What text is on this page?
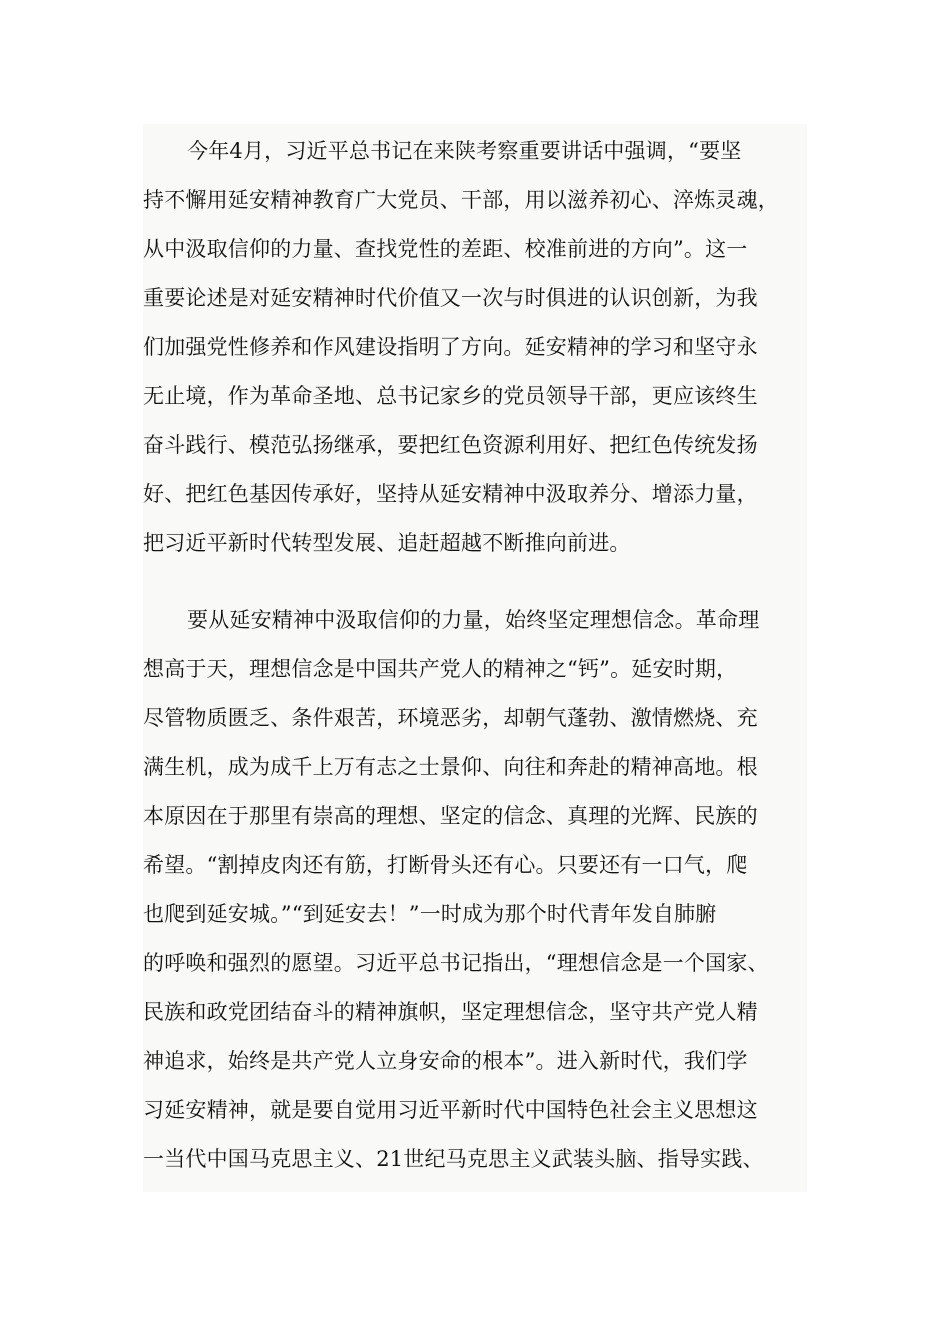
今年4月，习近平总书记在来陕考察重要讲话中强调，“要坚
持不懈用延安精神教育广大党员、干部，用以滋养初心、淬炼灵魂，
从中汲取信仰的力量、查找党性的差距、校准前进的方向”。这一
重要论述是对延安精神时代价值又一次与时俱进的认识创新，为我
们加强党性修养和作风建设指明了方向。延安精神的学习和坚守永
无止境，作为革命圣地、总书记家乡的党员领导干部，更应该终生
奋斗践行、模范弘扬继承，要把红色资源利用好、把红色传统发扬
好、把红色基因传承好，坚持从延安精神中汲取养分、增添力量，
把习近平新时代转型发展、追赶超越不断推向前进。
要从延安精神中汲取信仰的力量，始终坚定理想信念。革命理
想高于天，理想信念是中国共产党人的精神之“钙”。延安时期，
尽管物质匮乏、条件艰苦，环境恶劣，却朝气蓬勃、激情燃烧、充
满生机，成为成千上万有志之士景仰、向往和奔赴的精神高地。根
本原因在于那里有崇高的理想、坚定的信念、真理的光辉、民族的
希望。“割掉皮肉还有筋，打断骨头还有心。只要还有一口气，爬
也爬到延安城。”“到延安去！”一时成为那个时代青年发自肺腑
的呼唤和强烈的愿望。习近平总书记指出，“理想信念是一个国家、
民族和政党团结奋斗的精神旗帜，坚定理想信念，坚守共产党人精
神追求，始终是共产党人立身安命的根本”。进入新时代，我们学
习延安精神，就是要自觉用习近平新时代中国特色社会主义思想这
一当代中国马克思主义、21世纪马克思主义武装头脑、指导实践、
